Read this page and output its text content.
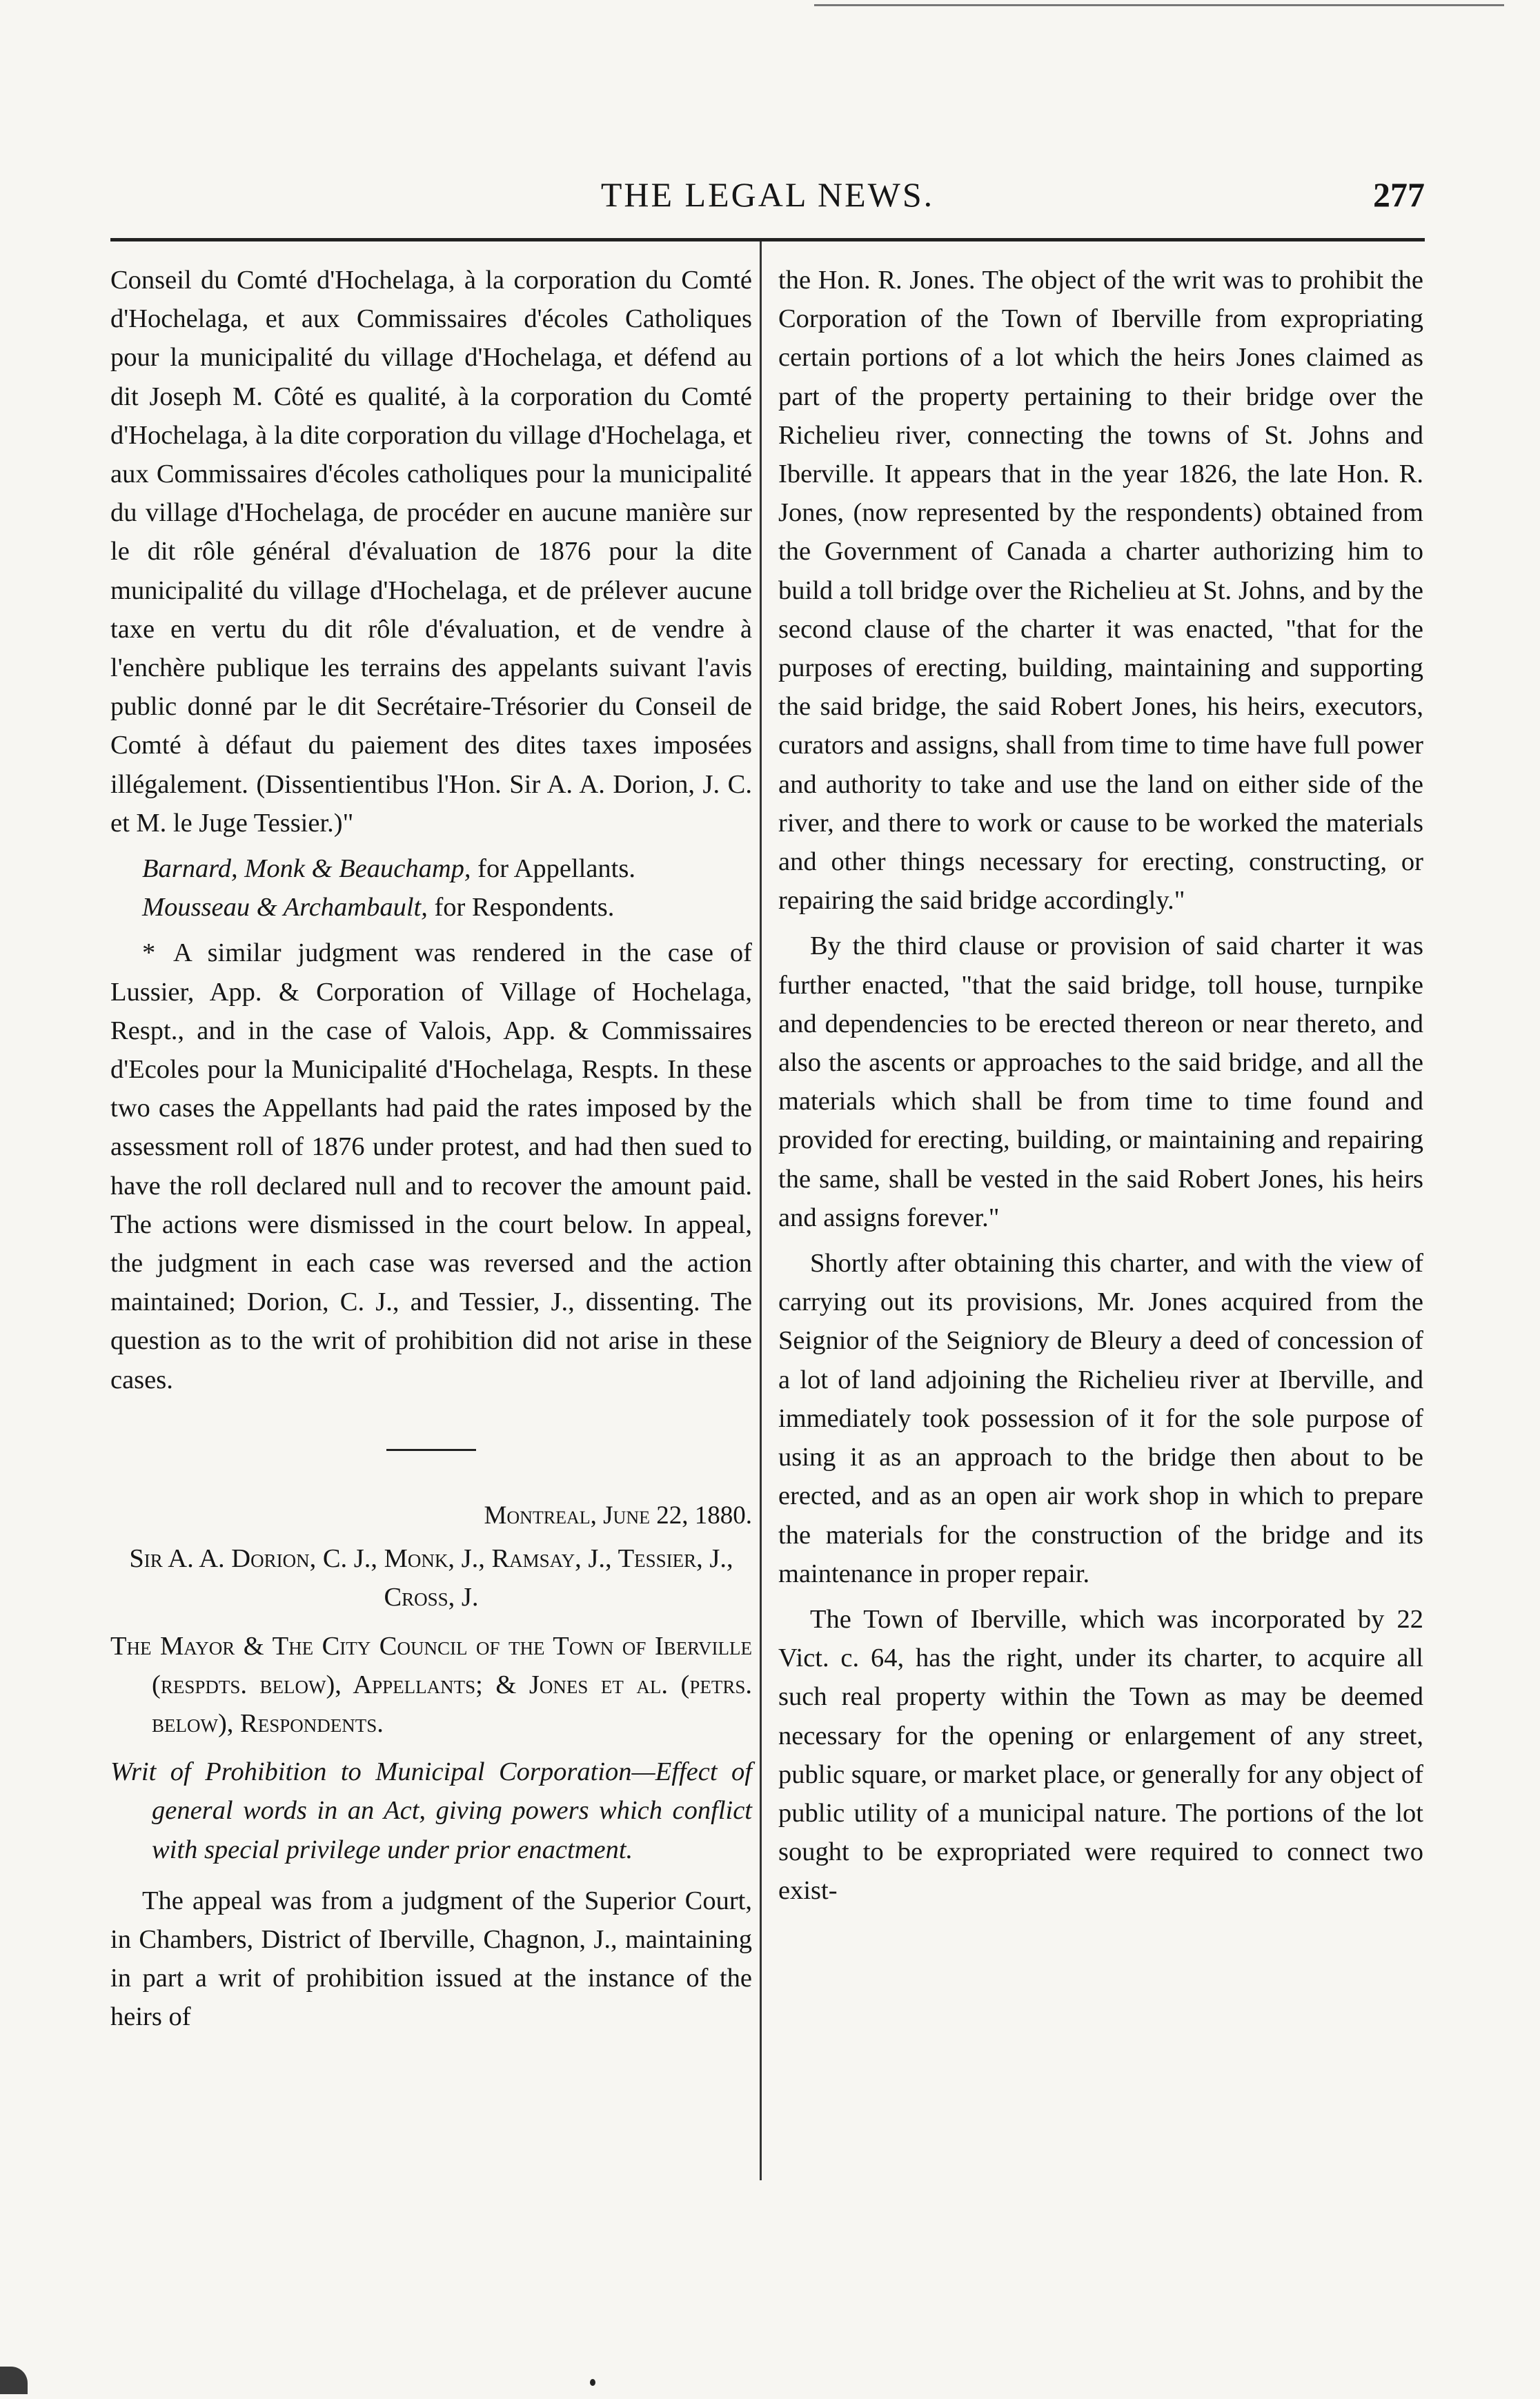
THE LEGAL NEWS.	277

Conseil du Comté d'Hochelaga, à la corporation du Comté d'Hochelaga, et aux Commissaires d'écoles Catholiques pour la municipalité du village d'Hochelaga, et défend au dit Joseph M. Côté es qualité, à la corporation du Comté d'Hochelaga, à la dite corporation du village d'Hochelaga, et aux Commissaires d'écoles catholiques pour la municipalité du village d'Hochelaga, de procéder en aucune manière sur le dit rôle général d'évaluation de 1876 pour la dite municipalité du village d'Hochelaga, et de prélever aucune taxe en vertu du dit rôle d'évaluation, et de vendre à l'enchère publique les terrains des appelants suivant l'avis public donné par le dit Secrétaire-Trésorier du Conseil de Comté à défaut du paiement des dites taxes imposées illégalement. (Dissentientibus l'Hon. Sir A. A. Dorion, J. C. et M. le Juge Tessier.)"

Barnard, Monk & Beauchamp, for Appellants.

Mousseau & Archambault, for Respondents.

* A similar judgment was rendered in the case of Lussier, App. & Corporation of Village of Hochelaga, Respt., and in the case of Valois, App. & Commissaires d'Ecoles pour la Municipalité d'Hochelaga, Respts. In these two cases the Appellants had paid the rates imposed by the assessment roll of 1876 under protest, and had then sued to have the roll declared null and to recover the amount paid. The actions were dismissed in the court below. In appeal, the judgment in each case was reversed and the action maintained; Dorion, C. J., and Tessier, J., dissenting. The question as to the writ of prohibition did not arise in these cases.

Montreal, June 22, 1880.

Sir A. A. Dorion, C. J., Monk, J., Ramsay, J., Tessier, J., Cross, J.

The Mayor & The City Council of the Town of Iberville (respdts. below), Appellants; & Jones et al. (petrs. below), Respondents.

Writ of Prohibition to Municipal Corporation—Effect of general words in an Act, giving powers which conflict with special privilege under prior enactment.

The appeal was from a judgment of the Superior Court, in Chambers, District of Iberville, Chagnon, J., maintaining in part a writ of prohibition issued at the instance of the heirs of

the Hon. R. Jones. The object of the writ was to prohibit the Corporation of the Town of Iberville from expropriating certain portions of a lot which the heirs Jones claimed as part of the property pertaining to their bridge over the Richelieu river, connecting the towns of St. Johns and Iberville. It appears that in the year 1826, the late Hon. R. Jones, (now represented by the respondents) obtained from the Government of Canada a charter authorizing him to build a toll bridge over the Richelieu at St. Johns, and by the second clause of the charter it was enacted, "that for the purposes of erecting, building, maintaining and supporting the said bridge, the said Robert Jones, his heirs, executors, curators and assigns, shall from time to time have full power and authority to take and use the land on either side of the river, and there to work or cause to be worked the materials and other things necessary for erecting, constructing, or repairing the said bridge accordingly."

By the third clause or provision of said charter it was further enacted, "that the said bridge, toll house, turnpike and dependencies to be erected thereon or near thereto, and also the ascents or approaches to the said bridge, and all the materials which shall be from time to time found and provided for erecting, building, or maintaining and repairing the same, shall be vested in the said Robert Jones, his heirs and assigns forever."

Shortly after obtaining this charter, and with the view of carrying out its provisions, Mr. Jones acquired from the Seignior of the Seigniory de Bleury a deed of concession of a lot of land adjoining the Richelieu river at Iberville, and immediately took possession of it for the sole purpose of using it as an approach to the bridge then about to be erected, and as an open air work shop in which to prepare the materials for the construction of the bridge and its maintenance in proper repair.

The Town of Iberville, which was incorporated by 22 Vict. c. 64, has the right, under its charter, to acquire all such real property within the Town as may be deemed necessary for the opening or enlargement of any street, public square, or market place, or generally for any object of public utility of a municipal nature. The portions of the lot sought to be expropriated were required to connect two exist-
